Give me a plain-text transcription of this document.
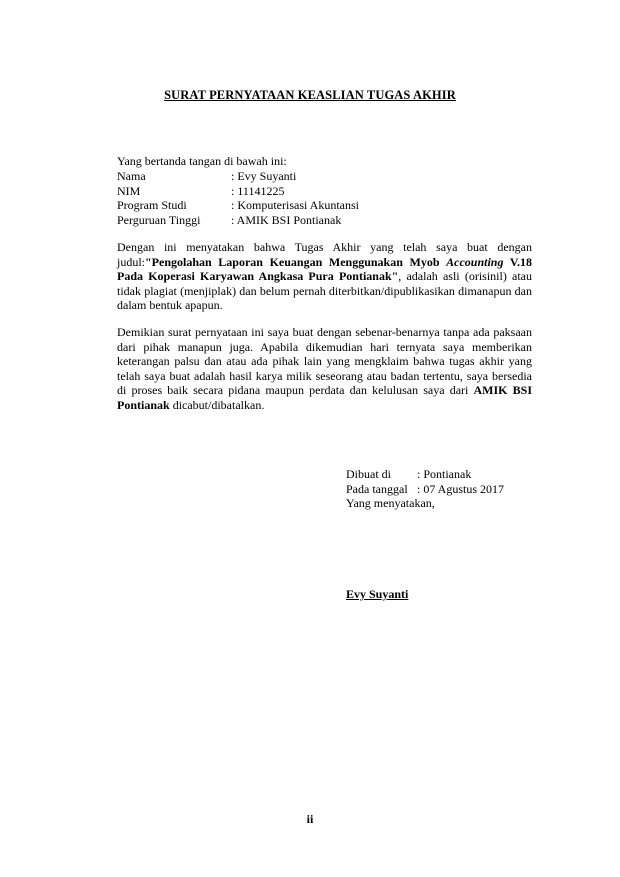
SURAT PERNYATAAN KEASLIAN TUGAS AKHIR
Yang bertanda tangan di bawah ini:
Nama	: Evy Suyanti
NIM	: 11141225
Program Studi	: Komputerisasi Akuntansi
Perguruan Tinggi	: AMIK BSI Pontianak
Dengan ini menyatakan bahwa Tugas Akhir yang telah saya buat dengan judul:"Pengolahan Laporan Keuangan Menggunakan Myob Accounting V.18 Pada Koperasi Karyawan Angkasa Pura Pontianak", adalah asli (orisinil) atau tidak plagiat (menjiplak) dan belum pernah diterbitkan/dipublikasikan dimanapun dan dalam bentuk apapun.
Demikian surat pernyataan ini saya buat dengan sebenar-benarnya tanpa ada paksaan dari pihak manapun juga. Apabila dikemudian hari ternyata saya memberikan keterangan palsu dan atau ada pihak lain yang mengklaim bahwa tugas akhir yang telah saya buat adalah hasil karya milik seseorang atau badan tertentu, saya bersedia di proses baik secara pidana maupun perdata dan kelulusan saya dari AMIK BSI Pontianak dicabut/dibatalkan.
Dibuat di	: Pontianak
Pada tanggal	: 07 Agustus 2017
Yang menyatakan,	
Evy Suyanti
ii
